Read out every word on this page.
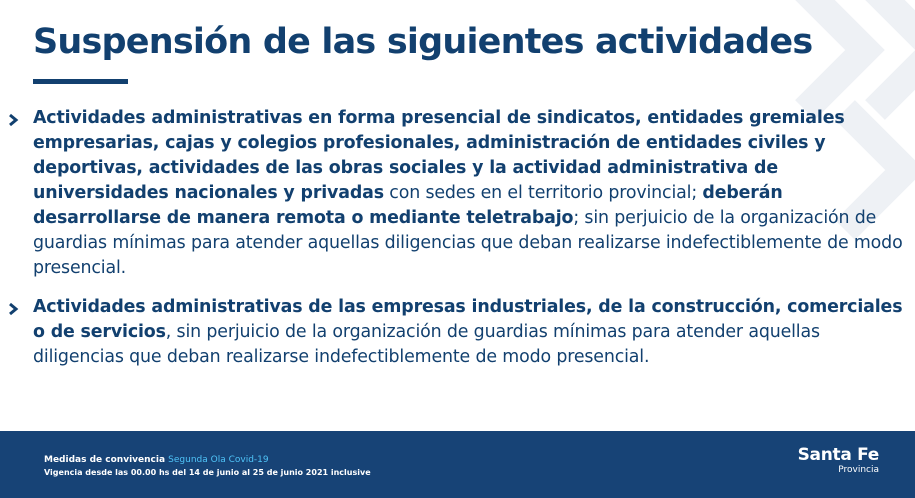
Suspensión de las siguientes actividades

Actividades administrativas en forma presencial de sindicatos, entidades gremiales empresarias, cajas y colegios profesionales, administración de entidades civiles y deportivas, actividades de las obras sociales y la actividad administrativa de universidades nacionales y privadas con sedes en el territorio provincial; deberán desarrollarse de manera remota o mediante teletrabajo; sin perjuicio de la organización de guardias mínimas para atender aquellas diligencias que deban realizarse indefectiblemente de modo presencial.

Actividades administrativas de las empresas industriales, de la construcción, comerciales o de servicios, sin perjuicio de la organización de guardias mínimas para atender aquellas diligencias que deban realizarse indefectiblemente de modo presencial.

Medidas de convivencia Segunda Ola Covid-19
Vigencia desde las 00.00 hs del 14 de junio al 25 de junio 2021 inclusive
Santa Fe
Provincia
